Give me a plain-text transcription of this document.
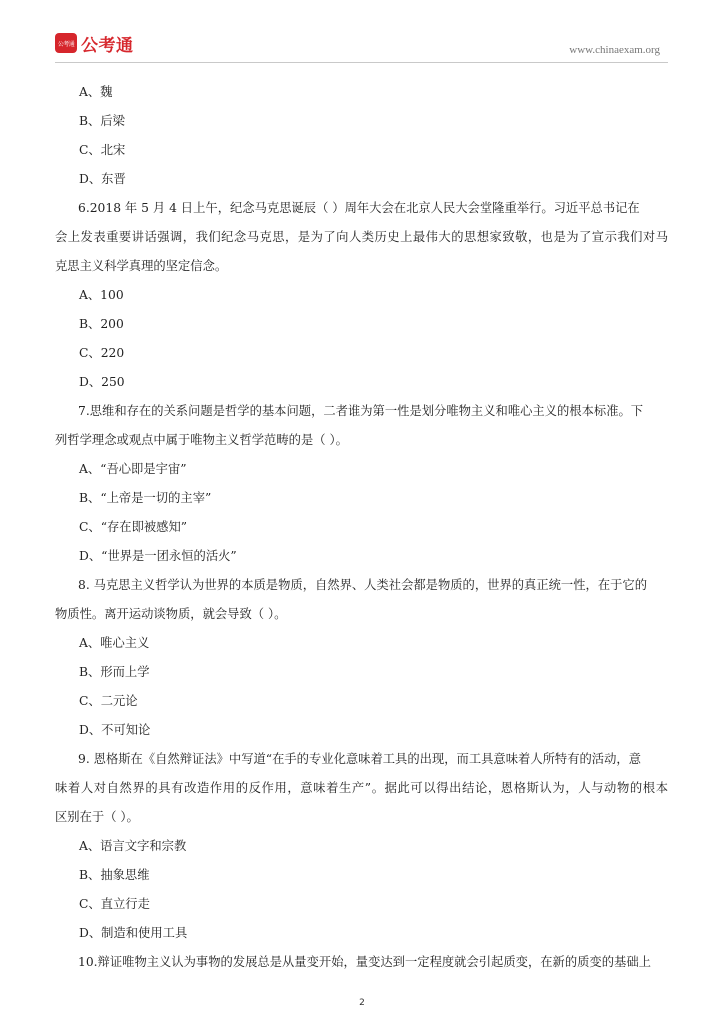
公考通 公考通	www.chinaexam.org
A、魏
B、后梁
C、北宋
D、东晋
6.2018 年 5 月 4 日上午，纪念马克思诞辰（ ）周年大会在北京人民大会堂隆重举行。习近平总书记在
会上发表重要讲话强调，我们纪念马克思，是为了向人类历史上最伟大的思想家致敬，也是为了宣示我们对马
克思主义科学真理的坚定信念。
A、100
B、200
C、220
D、250
7.思维和存在的关系问题是哲学的基本问题，二者谁为第一性是划分唯物主义和唯心主义的根本标准。下
列哲学理念或观点中属于唯物主义哲学范畴的是（ ）。
A、“吾心即是宇宙”
B、“上帝是一切的主宰”
C、“存在即被感知”
D、“世界是一团永恒的活火”
8. 马克思主义哲学认为世界的本质是物质，自然界、人类社会都是物质的，世界的真正统一性，在于它的
物质性。离开运动谈物质，就会导致（ ）。
A、唯心主义
B、形而上学
C、二元论
D、不可知论
9. 恩格斯在《自然辩证法》中写道“在手的专业化意味着工具的出现，而工具意味着人所特有的活动，意
味着人对自然界的具有改造作用的反作用，意味着生产”。据此可以得出结论，恩格斯认为，人与动物的根本
区别在于（ ）。
A、语言文字和宗教
B、抽象思维
C、直立行走
D、制造和使用工具
10.辩证唯物主义认为事物的发展总是从量变开始，量变达到一定程度就会引起质变，在新的质变的基础上
2
